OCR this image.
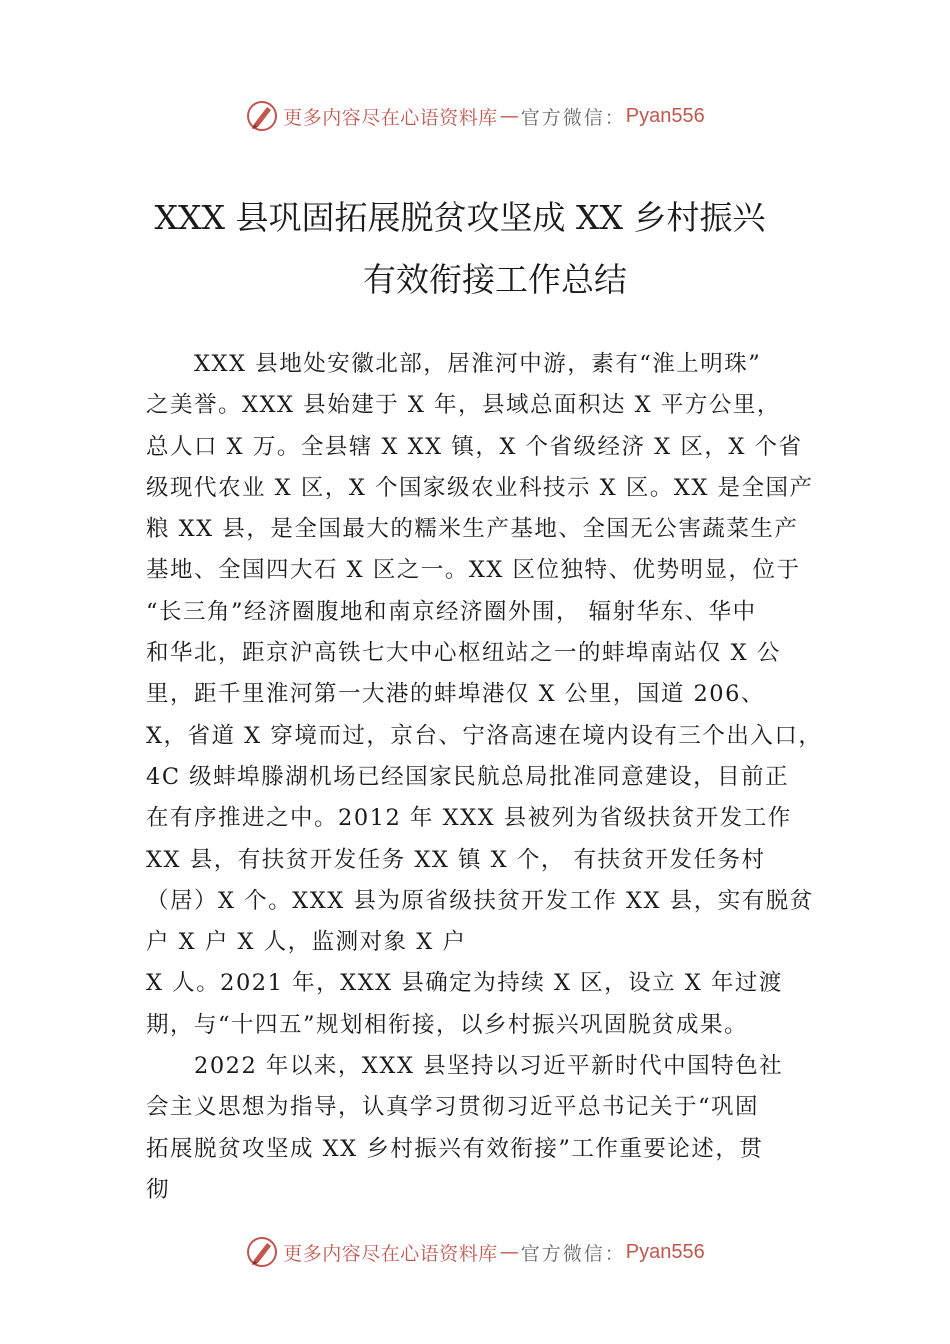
更多内容尽在心语资料库 — 官方微信： Pyan556
XXX 县巩固拓展脱贫攻坚成 XX 乡村振兴
有效衔接工作总结
XXX 县地处安徽北部，居淮河中游，素有“淮上明珠”
之美誉。XXX 县始建于 X 年，县域总面积达 X 平方公里，
总人口 X 万。全县辖 X XX 镇，X 个省级经济 X 区，X 个省
级现代农业 X 区，X 个国家级农业科技示 X 区。XX 是全国产
粮 XX 县，是全国最大的糯米生产基地、全国无公害蔬菜生产
基地、全国四大石 X 区之一。XX 区位独特、优势明显，位于
“长三角”经济圈腹地和南京经济圈外围， 辐射华东、华中
和华北，距京沪高铁七大中心枢纽站之一的蚌埠南站仅 X 公
里，距千里淮河第一大港的蚌埠港仅 X 公里，国道 206、
X，省道 X 穿境而过，京台、宁洛高速在境内设有三个出入口，
4C 级蚌埠滕湖机场已经国家民航总局批准同意建设，目前正
在有序推进之中。2012 年 XXX 县被列为省级扶贫开发工作
XX 县，有扶贫开发任务 XX 镇 X 个， 有扶贫开发任务村
（居）X 个。XXX 县为原省级扶贫开发工作 XX 县，实有脱贫
户 X 户 X 人，监测对象 X 户
X 人。2021 年，XXX 县确定为持续 X 区，设立 X 年过渡
期，与“十四五”规划相衔接，以乡村振兴巩固脱贫成果。
2022 年以来，XXX 县坚持以习近平新时代中国特色社
会主义思想为指导，认真学习贯彻习近平总书记关于“巩固
拓展脱贫攻坚成 XX 乡村振兴有效衔接”工作重要论述，贯
彻
更多内容尽在心语资料库 — 官方微信： Pyan556
